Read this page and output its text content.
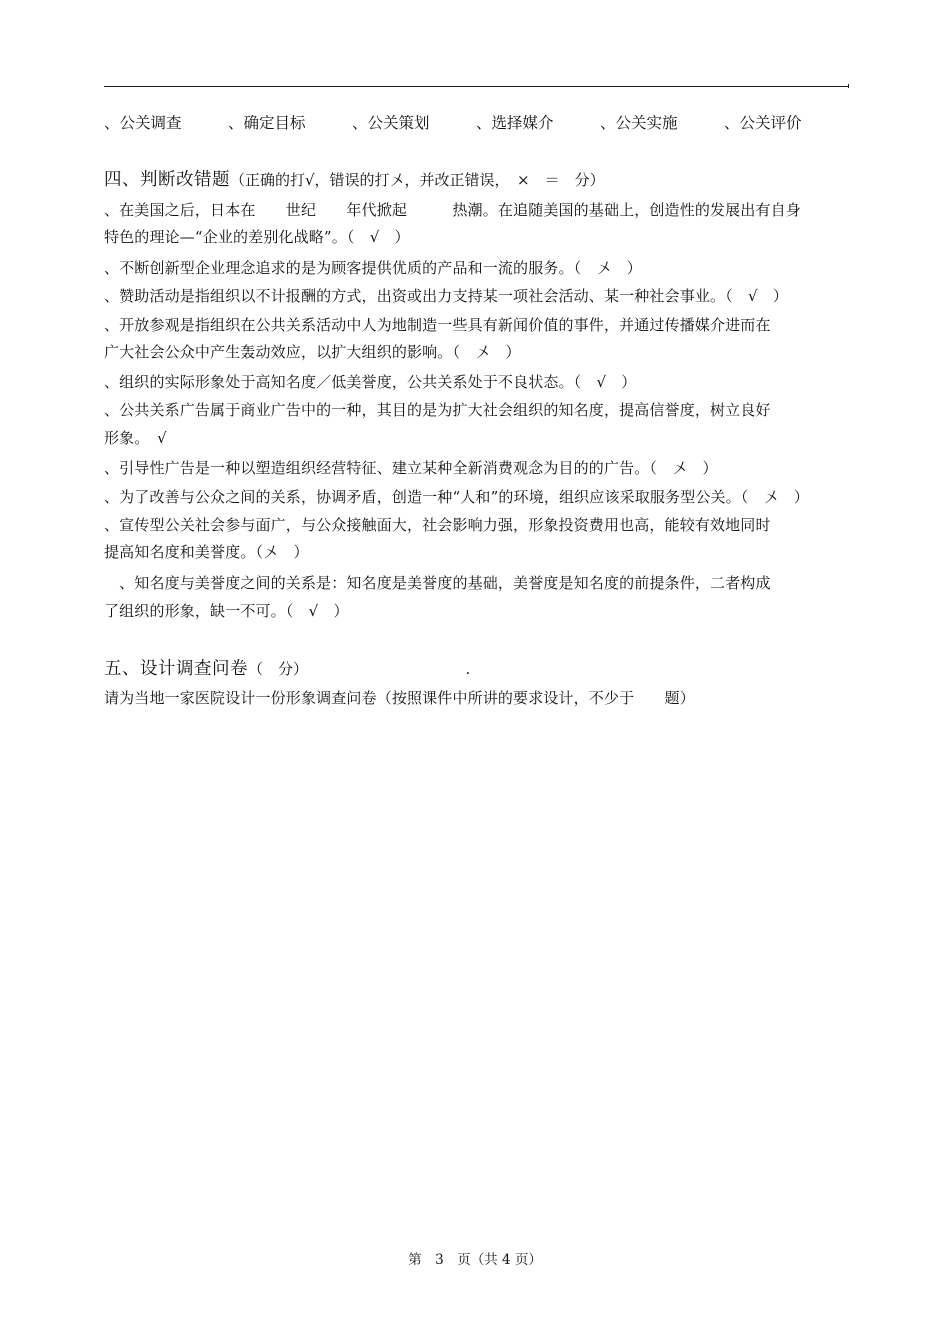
、公关调查　　　、确定目标　　　、公关策划　　　、选择媒介　　　、公关实施　　　、公关评价
四、判断改错题（正确的打√，错误的打〤，并改正错误，　×　＝　分）
、在美国之后，日本在　　世纪　　年代掀起　　　热潮。在追随美国的基础上，创造性的发展出有自身
特色的理论—“企业的差别化战略”。（　√　）
、不断创新型企业理念追求的是为顾客提供优质的产品和一流的服务。（　〤　）
、赞助活动是指组织以不计报酬的方式，出资或出力支持某一项社会活动、某一种社会事业。（　√　）
、开放参观是指组织在公共关系活动中人为地制造一些具有新闻价值的事件，并通过传播媒介进而在
广大社会公众中产生轰动效应，以扩大组织的影响。（　〤　）
、组织的实际形象处于高知名度／低美誉度，公共关系处于不良状态。（　√　）
、公共关系广告属于商业广告中的一种，其目的是为扩大社会组织的知名度，提高信誉度，树立良好
形象。　√
、引导性广告是一种以塑造组织经营特征、建立某种全新消费观念为目的的广告。（　〤　）
、为了改善与公众之间的关系，协调矛盾，创造一种“人和”的环境，组织应该采取服务型公关。（　〤　）
、宣传型公关社会参与面广，与公众接触面大，社会影响力强，形象投资费用也高，能较有效地同时
提高知名度和美誉度。（〤　）
　、知名度与美誉度之间的关系是：知名度是美誉度的基础，美誉度是知名度的前提条件，二者构成
了组织的形象，缺一不可。（　√　）
五、设计调查问卷（　分）　　　　　　　　　　　.
请为当地一家医院设计一份形象调查问卷（按照课件中所讲的要求设计，不少于　　题）
第　3　页（共 4 页）
